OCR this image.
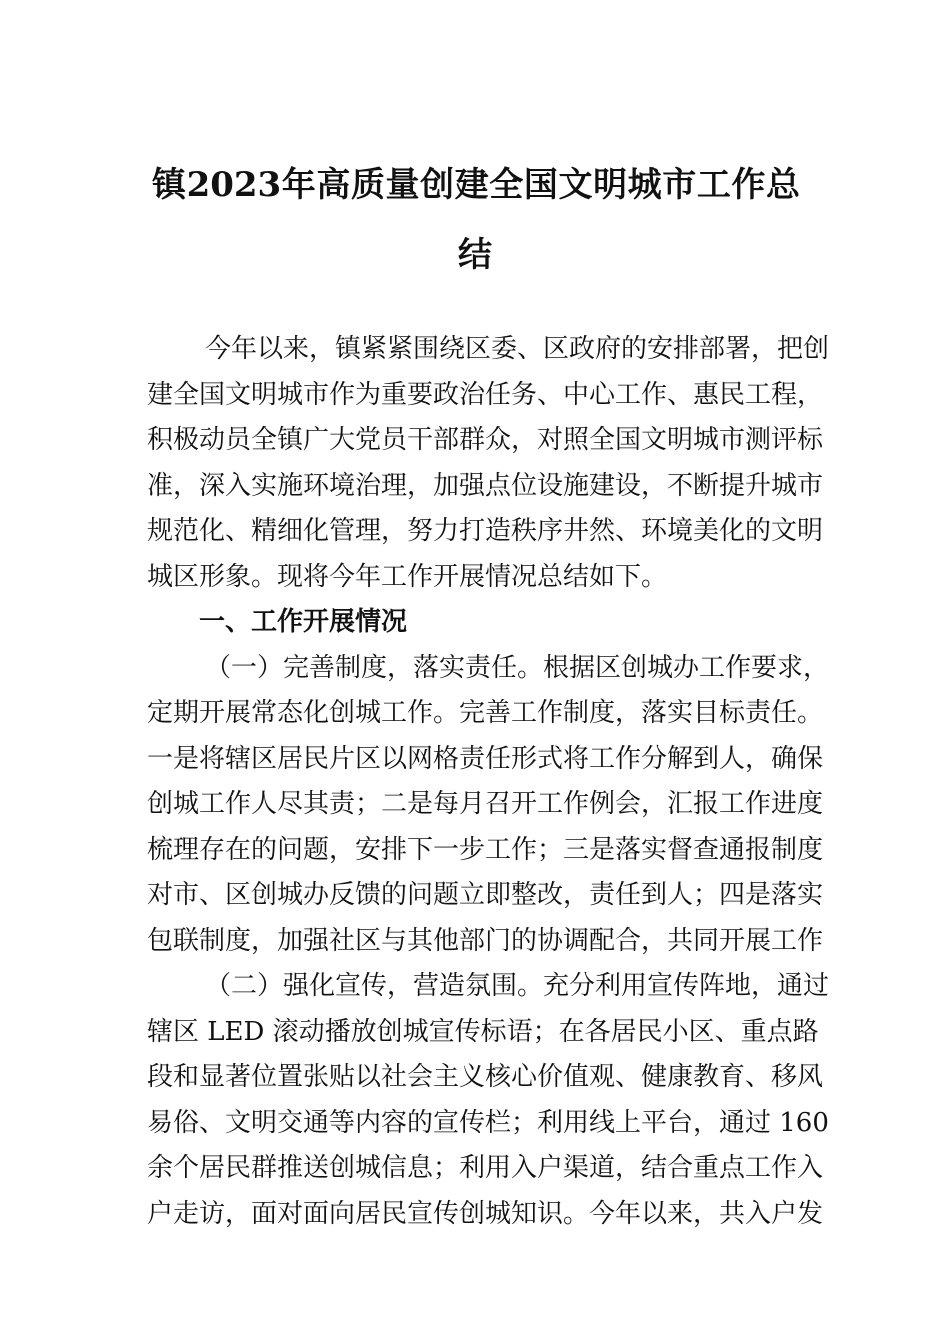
镇2023年高质量创建全国文明城市工作总
结
今年以来，镇紧紧围绕区委、区政府的安排部署，把创
建全国文明城市作为重要政治任务、中心工作、惠民工程，
积极动员全镇广大党员干部群众，对照全国文明城市测评标
准，深入实施环境治理，加强点位设施建设，不断提升城市
规范化、精细化管理，努力打造秩序井然、环境美化的文明
城区形象。现将今年工作开展情况总结如下。
一、工作开展情况
（一）完善制度，落实责任。根据区创城办工作要求，
定期开展常态化创城工作。完善工作制度，落实目标责任。
一是将辖区居民片区以网格责任形式将工作分解到人，确保
创城工作人尽其责；二是每月召开工作例会，汇报工作进度
梳理存在的问题，安排下一步工作；三是落实督查通报制度
对市、区创城办反馈的问题立即整改，责任到人；四是落实
包联制度，加强社区与其他部门的协调配合，共同开展工作
（二）强化宣传，营造氛围。充分利用宣传阵地，通过
辖区 LED 滚动播放创城宣传标语；在各居民小区、重点路
段和显著位置张贴以社会主义核心价值观、健康教育、移风
易俗、文明交通等内容的宣传栏；利用线上平台，通过 160
余个居民群推送创城信息；利用入户渠道，结合重点工作入
户走访，面对面向居民宣传创城知识。今年以来，共入户发
